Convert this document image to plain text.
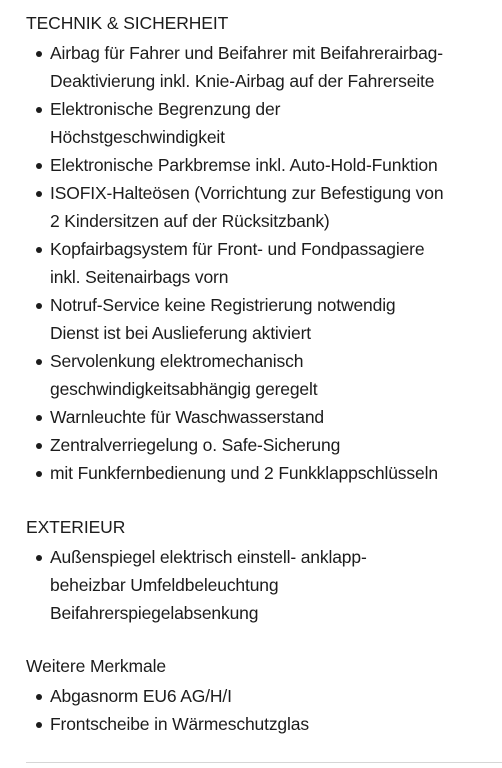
TECHNIK & SICHERHEIT
Airbag für Fahrer und Beifahrer mit Beifahrerairbag-
Deaktivierung inkl. Knie-Airbag auf der Fahrerseite
Elektronische Begrenzung der
Höchstgeschwindigkeit
Elektronische Parkbremse inkl. Auto-Hold-Funktion
ISOFIX-Halteösen (Vorrichtung zur Befestigung von
2 Kindersitzen auf der Rücksitzbank)
Kopfairbagsystem für Front- und Fondpassagiere
inkl. Seitenairbags vorn
Notruf-Service keine Registrierung notwendig
Dienst ist bei Auslieferung aktiviert
Servolenkung elektromechanisch
geschwindigkeitsabhängig geregelt
Warnleuchte für Waschwasserstand
Zentralverriegelung o. Safe-Sicherung
mit Funkfernbedienung und 2 Funkklappschlüsseln
EXTERIEUR
Außenspiegel elektrisch einstell- anklapp-
beheizbar Umfeldbeleuchtung
Beifahrerspiegelabsenkung
Weitere Merkmale
Abgasnorm EU6 AG/H/I
Frontscheibe in Wärmeschutzglas
